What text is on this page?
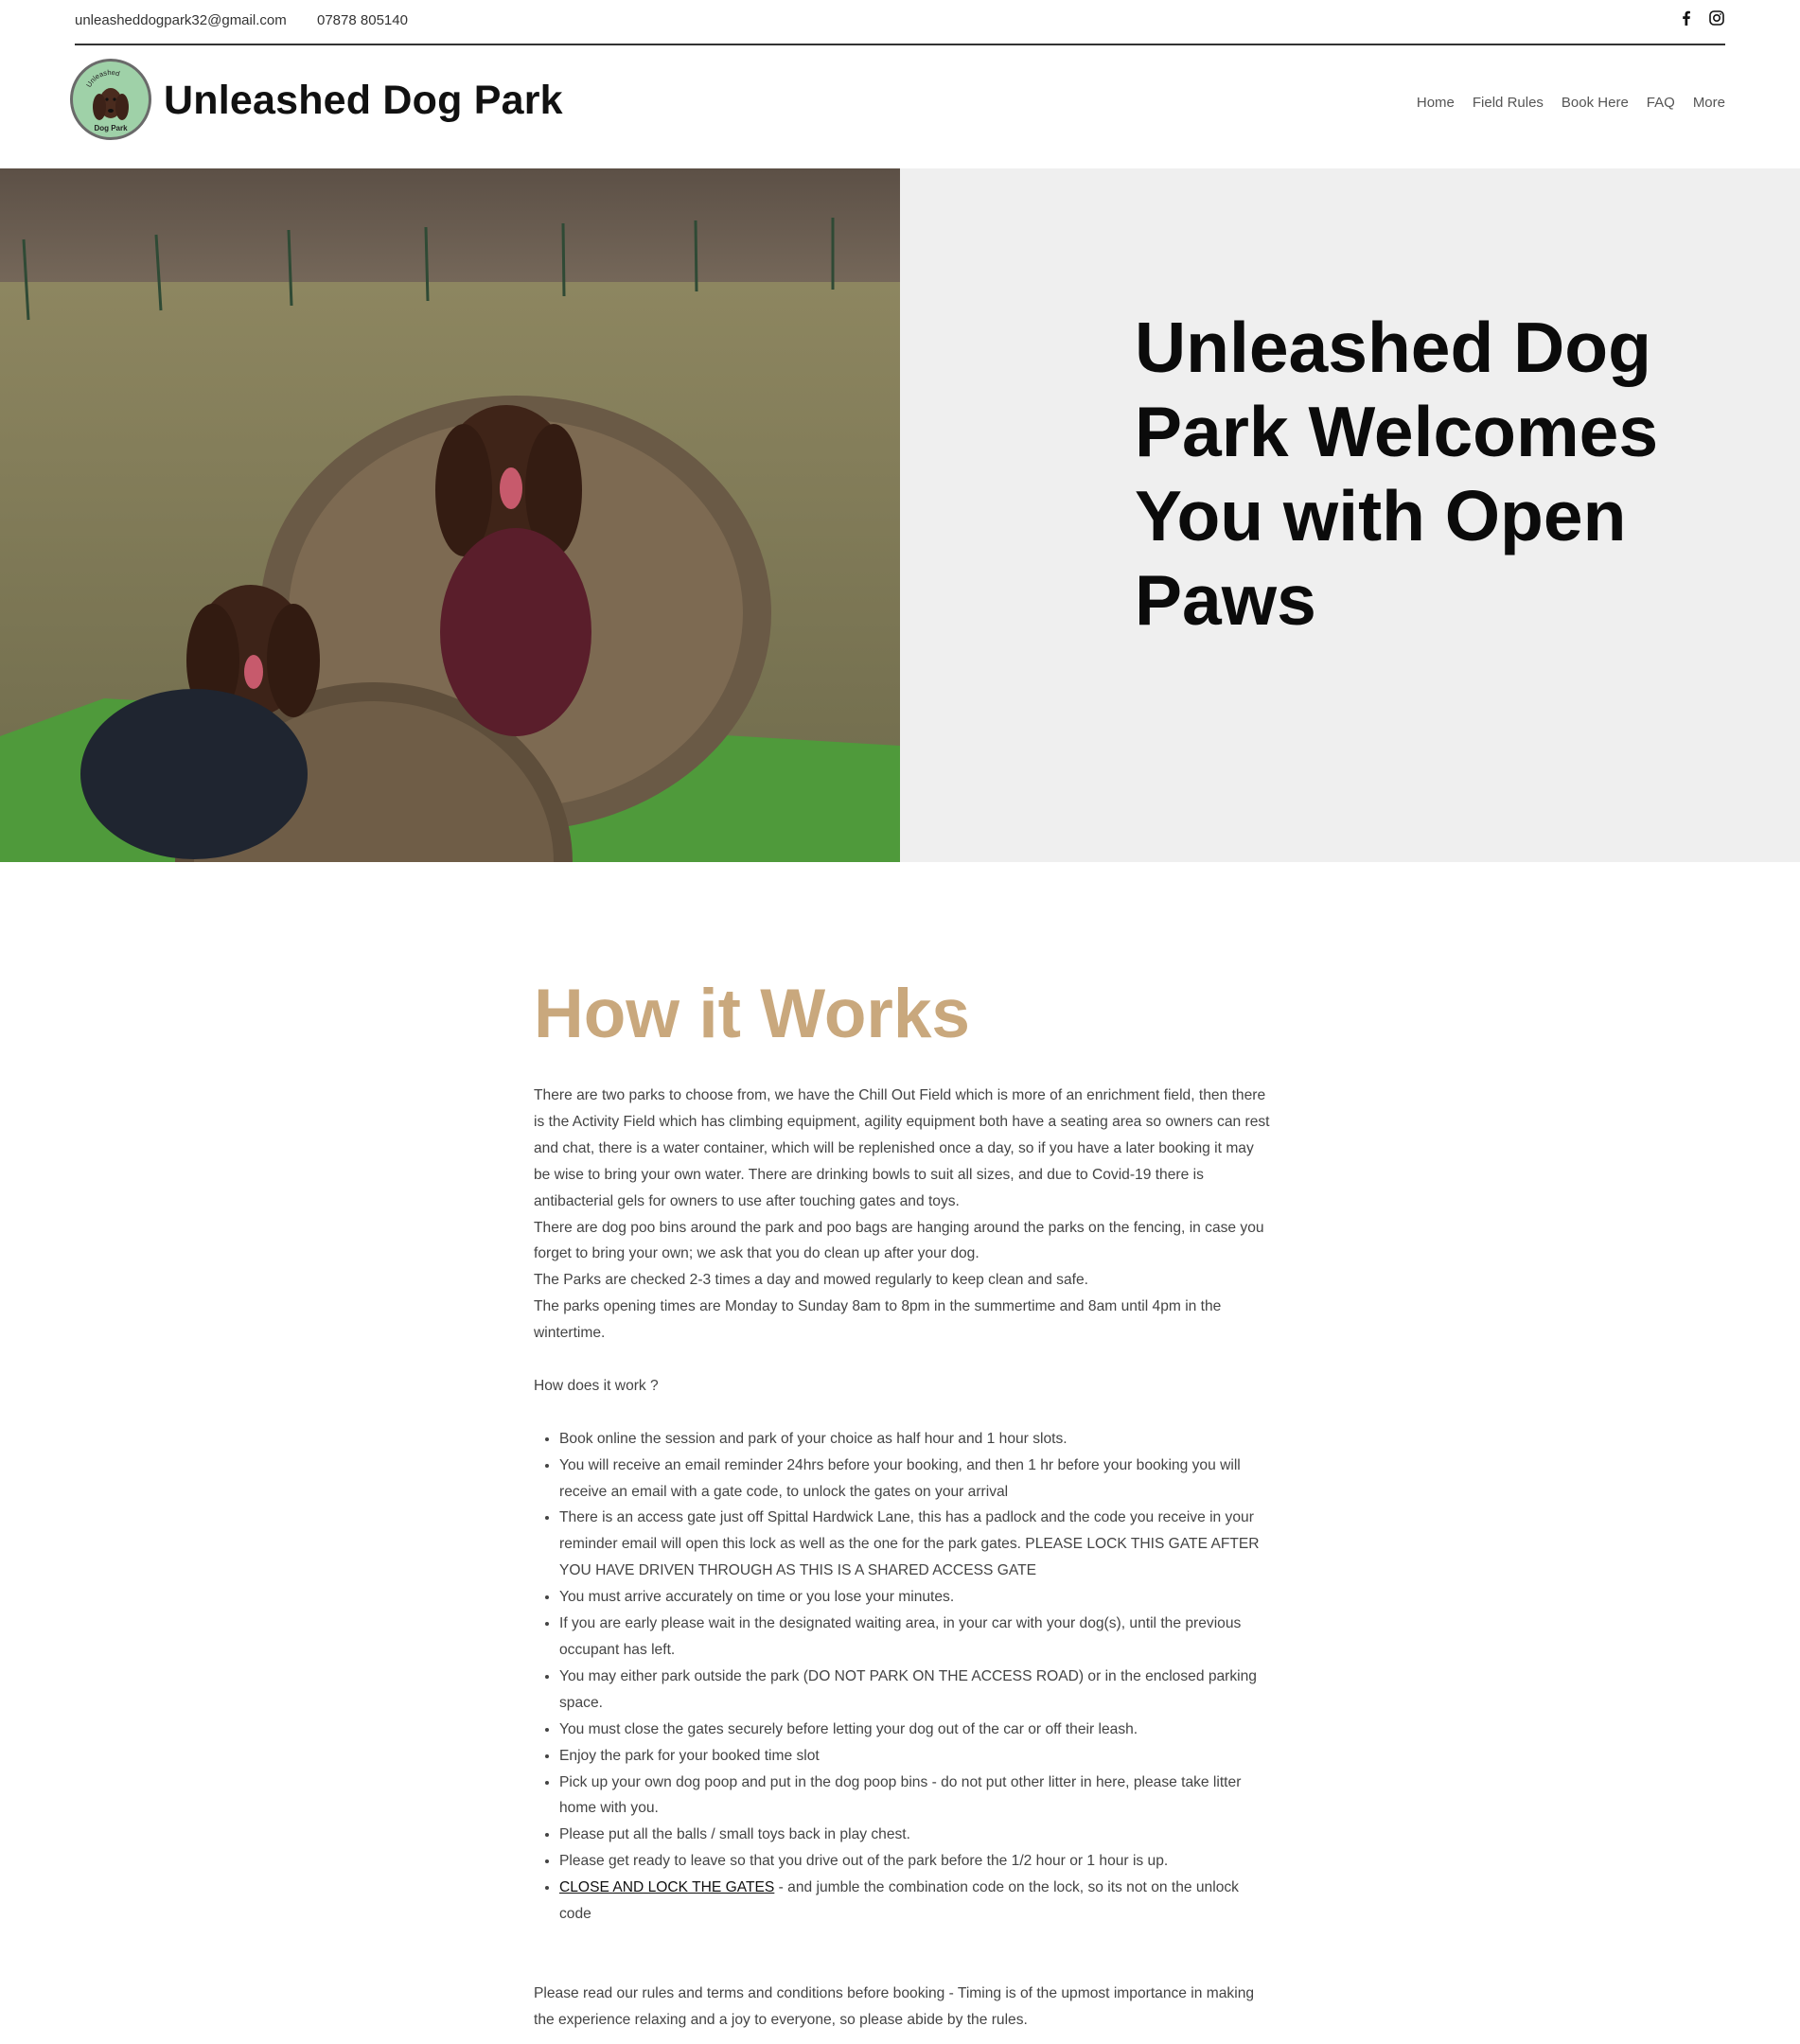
unleasheddogpark32@gmail.com 07878 805140
Unleashed
Dog Park
Unleashed Dog Park	Home Field Rules Book Here FAQ More
Unleashed Dog Park Welcomes You with Open Paws
How it Works

There are two parks to choose from, we have the Chill Out Field which is more of an enrichment field, then there is the Activity Field which has climbing equipment, agility equipment both have a seating area so owners can rest and chat, there is a water container, which will be replenished once a day, so if you have a later booking it may be wise to bring your own water. There are drinking bowls to suit all sizes, and due to Covid-19 there is antibacterial gels for owners to use after touching gates and toys.

There are dog poo bins around the park and poo bags are hanging around the parks on the fencing, in case you forget to bring your own; we ask that you do clean up after your dog.

The Parks are checked 2-3 times a day and mowed regularly to keep clean and safe.

The parks opening times are Monday to Sunday 8am to 8pm in the summertime and 8am until 4pm in the wintertime.

How does it work ?

• Book online the session and park of your choice as half hour and 1 hour slots.
• You will receive an email reminder 24hrs before your booking, and then 1 hr before your booking you will receive an email with a gate code, to unlock the gates on your arrival
• There is an access gate just off Spittal Hardwick Lane, this has a padlock and the code you receive in your reminder email will open this lock as well as the one for the park gates. PLEASE LOCK THIS GATE AFTER YOU HAVE DRIVEN THROUGH AS THIS IS A SHARED ACCESS GATE
• You must arrive accurately on time or you lose your minutes.
• If you are early please wait in the designated waiting area, in your car with your dog(s), until the previous occupant has left.
• You may either park outside the park (DO NOT PARK ON THE ACCESS ROAD) or in the enclosed parking space.
• You must close the gates securely before letting your dog out of the car or off their leash.
• Enjoy the park for your booked time slot
• Pick up your own dog poop and put in the dog poop bins - do not put other litter in here, please take litter home with you.
• Please put all the balls / small toys back in play chest.
• Please get ready to leave so that you drive out of the park before the 1/2 hour or 1 hour is up.
• CLOSE AND LOCK THE GATES - and jumble the combination code on the lock, so its not on the unlock code

Please read our rules and terms and conditions before booking - Timing is of the upmost importance in making the experience relaxing and a joy to everyone, so please abide by the rules.
